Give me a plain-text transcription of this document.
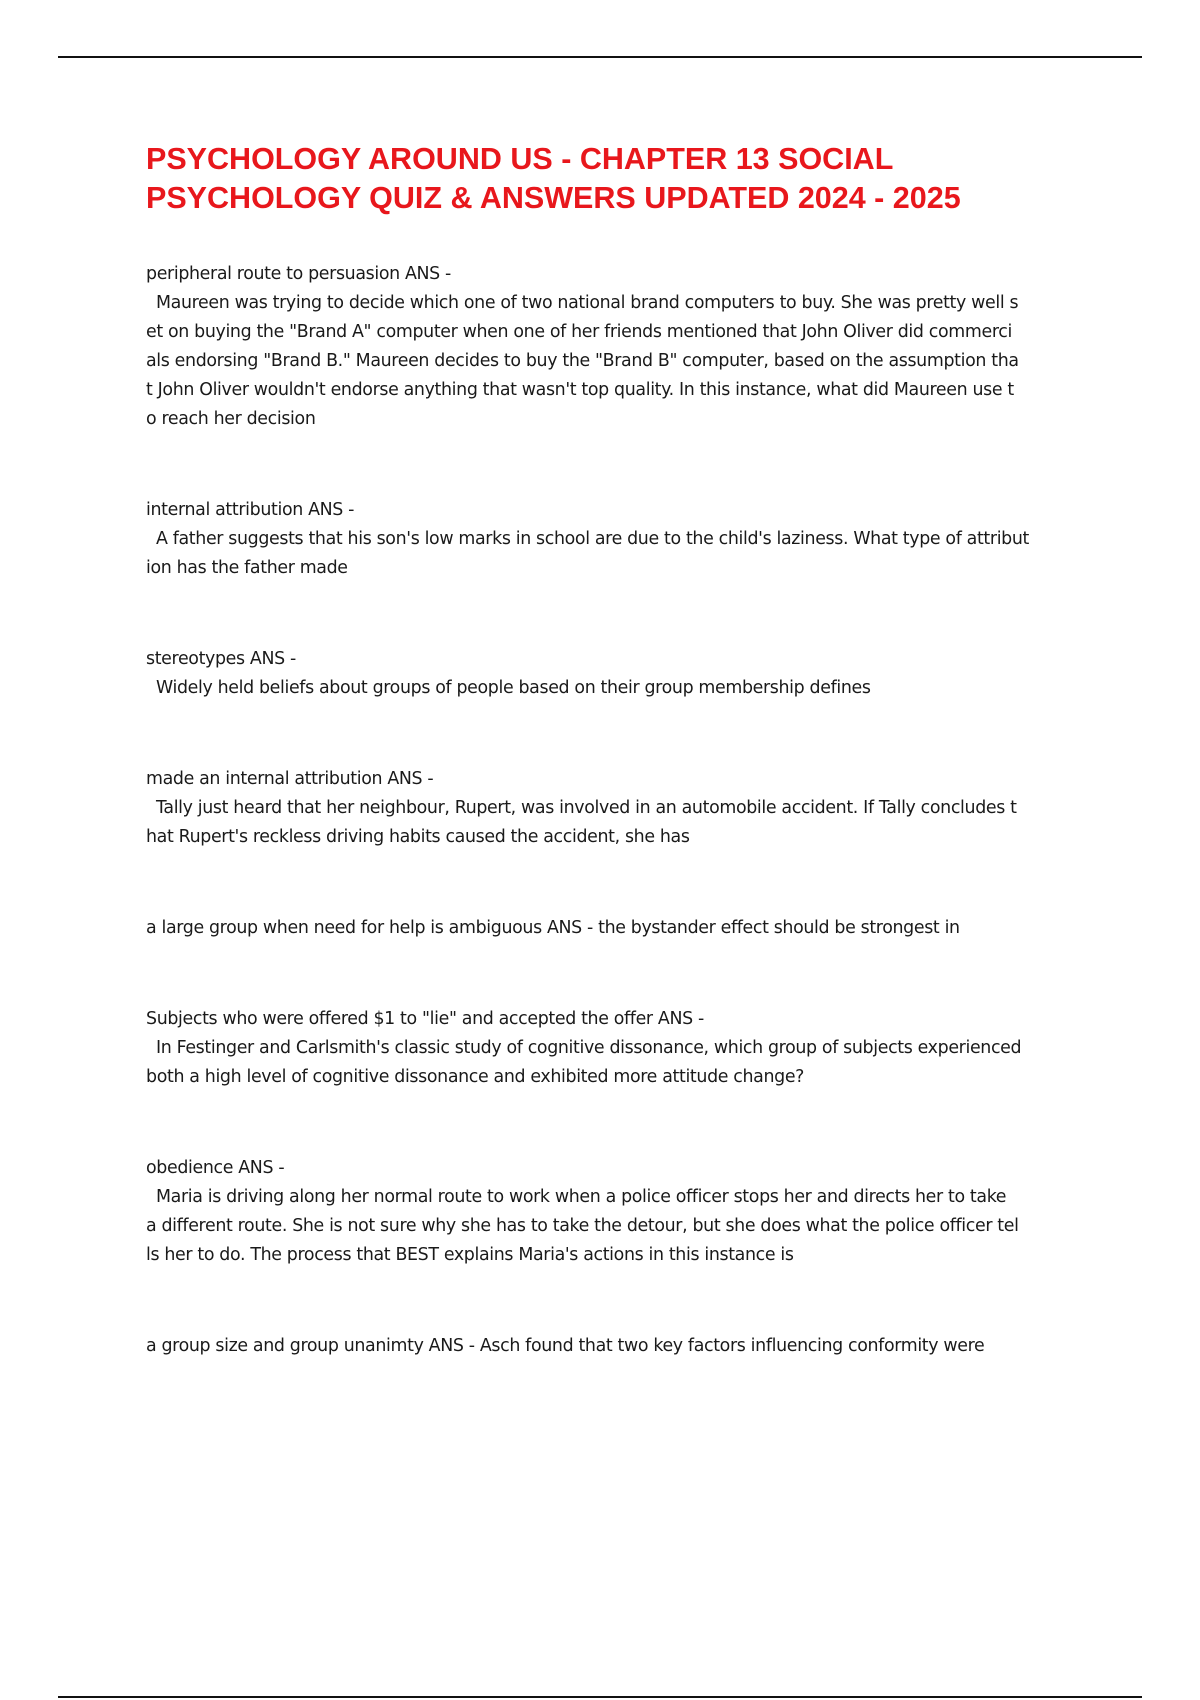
PSYCHOLOGY AROUND US - CHAPTER 13 SOCIAL
PSYCHOLOGY QUIZ & ANSWERS UPDATED 2024 - 2025
peripheral route to persuasion ANS -
Maureen was trying to decide which one of two national brand computers to buy. She was pretty well s
et on buying the "Brand A" computer when one of her friends mentioned that John Oliver did commerci
als endorsing "Brand B." Maureen decides to buy the "Brand B" computer, based on the assumption tha
t John Oliver wouldn't endorse anything that wasn't top quality. In this instance, what did Maureen use t
o reach her decision
internal attribution ANS -
A father suggests that his son's low marks in school are due to the child's laziness. What type of attribut
ion has the father made
stereotypes ANS -
Widely held beliefs about groups of people based on their group membership defines
made an internal attribution ANS -
Tally just heard that her neighbour, Rupert, was involved in an automobile accident. If Tally concludes t
hat Rupert's reckless driving habits caused the accident, she has
a large group when need for help is ambiguous ANS - the bystander effect should be strongest in
Subjects who were offered $1 to "lie" and accepted the offer ANS -
In Festinger and Carlsmith's classic study of cognitive dissonance, which group of subjects experienced
both a high level of cognitive dissonance and exhibited more attitude change?
obedience ANS -
Maria is driving along her normal route to work when a police officer stops her and directs her to take
a different route. She is not sure why she has to take the detour, but she does what the police officer tel
ls her to do. The process that BEST explains Maria's actions in this instance is
a group size and group unanimty ANS - Asch found that two key factors influencing conformity were
